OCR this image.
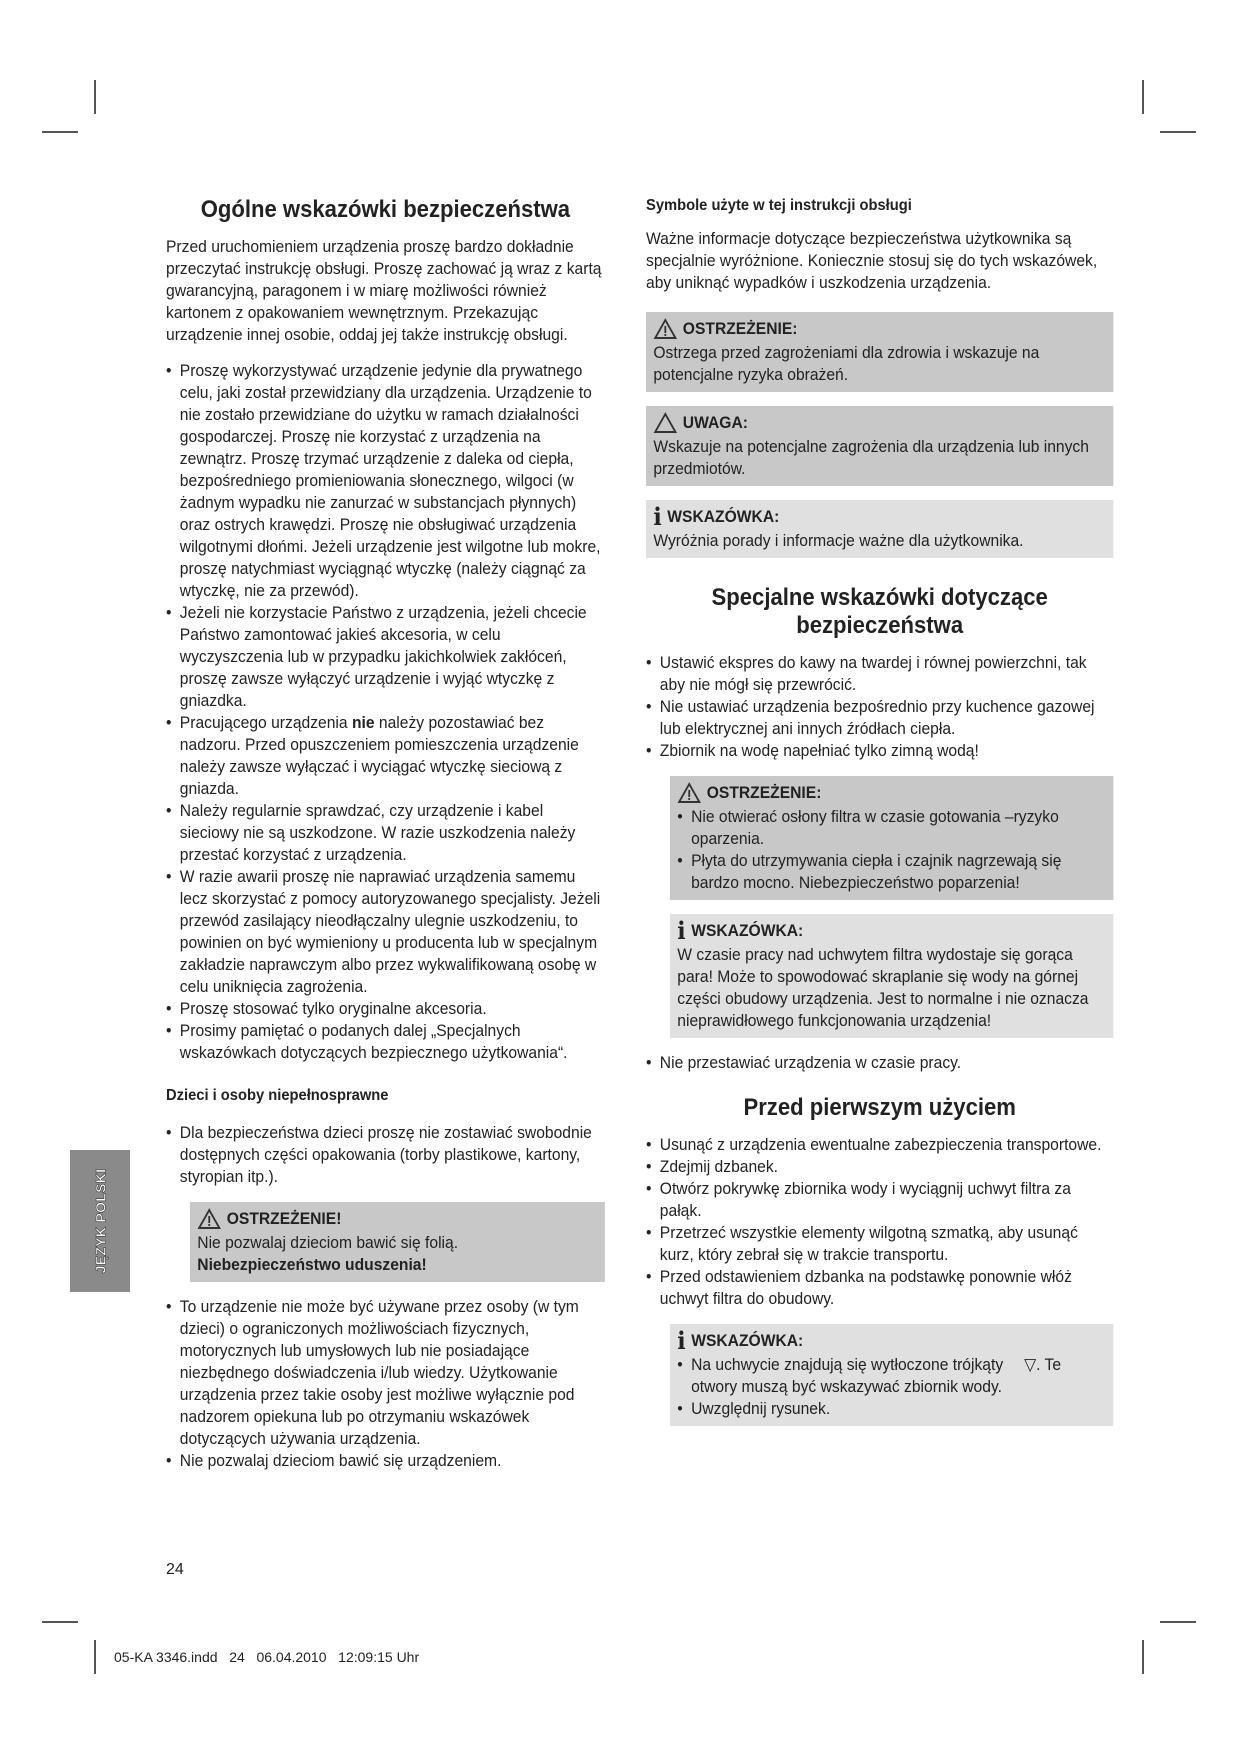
Ogólne wskazówki bezpieczeństwa

Przed uruchomieniem urządzenia proszę bardzo dokładnie przeczytać instrukcję obsługi. Proszę zachować ją wraz z kartą gwarancyjną, paragonem i w miarę możliwości również kartonem z opakowaniem wewnętrznym. Przekazując urządzenie innej osobie, oddaj jej także instrukcję obsługi.

• Proszę wykorzystywać urządzenie jedynie dla prywatnego celu, jaki został przewidziany dla urządzenia. Urządzenie to nie zostało przewidziane do użytku w ramach działalności gospodarczej. Proszę nie korzystać z urządzenia na zewnątrz. Proszę trzymać urządzenie z daleka od ciepła, bezpośredniego promieniowania słonecznego, wilgoci (w żadnym wypadku nie zanurzać w substancjach płynnych) oraz ostrych krawędzi. Proszę nie obsługiwać urządzenia wilgotnymi dłońmi. Jeżeli urządzenie jest wilgotne lub mokre, proszę natychmiast wyciągnąć wtyczkę (należy ciągnąć za wtyczkę, nie za przewód).
• Jeżeli nie korzystacie Państwo z urządzenia, jeżeli chcecie Państwo zamontować jakieś akcesoria, w celu wyczyszczenia lub w przypadku jakichkolwiek zakłóceń, proszę zawsze wyłączyć urządzenie i wyjąć wtyczkę z gniazdka.
• Pracującego urządzenia nie należy pozostawiać bez nadzoru. Przed opuszczeniem pomieszczenia urządzenie należy zawsze wyłączać i wyciągać wtyczkę sieciową z gniazda.
• Należy regularnie sprawdzać, czy urządzenie i kabel sieciowy nie są uszkodzone. W razie uszkodzenia należy przestać korzystać z urządzenia.
• W razie awarii proszę nie naprawiać urządzenia samemu lecz skorzystać z pomocy autoryzowanego specjalisty. Jeżeli przewód zasilający nieodłączalny ulegnie uszkodzeniu, to powinien on być wymieniony u producenta lub w specjalnym zakładzie naprawczym albo przez wykwalifikowaną osobę w celu uniknięcia zagrożenia.
• Proszę stosować tylko oryginalne akcesoria.
• Prosimy pamiętać o podanych dalej „Specjalnych wskazówkach dotyczących bezpiecznego użytkowania“.
Dzieci i osoby niepełnosprawne
• Dla bezpieczeństwa dzieci proszę nie zostawiać swobodnie dostępnych części opakowania (torby plastikowe, kartony, styropian itp.).
OSTRZEŻENIE!
Nie pozwalaj dzieciom bawić się folią.
Niebezpieczeństwo uduszenia!
• To urządzenie nie może być używane przez osoby (w tym dzieci) o ograniczonych możliwościach fizycznych, motorycznych lub umysłowych lub nie posiadające niezbędnego doświadczenia i/lub wiedzy. Użytkowanie urządzenia przez takie osoby jest możliwe wyłącznie pod nadzorem opiekuna lub po otrzymaniu wskazówek dotyczących używania urządzenia.
• Nie pozwalaj dzieciom bawić się urządzeniem.
Symbole użyte w tej instrukcji obsługi

Ważne informacje dotyczące bezpieczeństwa użytkownika są specjalnie wyróżnione. Koniecznie stosuj się do tych wskazówek, aby uniknąć wypadków i uszkodzenia urządzenia.

OSTRZEŻENIE:
Ostrzega przed zagrożeniami dla zdrowia i wskazuje na potencjalne ryzyka obrażeń.
UWAGA:
Wskazuje na potencjalne zagrożenia dla urządzenia lub innych przedmiotów.
i WSKAZÓWKA:
Wyróżnia porady i informacje ważne dla użytkownika.
Specjalne wskazówki dotyczące bezpieczeństwa
• Ustawić ekspres do kawy na twardej i równej powierzchni, tak aby nie mógł się przewrócić.
• Nie ustawiać urządzenia bezpośrednio przy kuchence gazowej lub elektrycznej ani innych źródłach ciepła.
• Zbiornik na wodę napełniać tylko zimną wodą!
OSTRZEŻENIE:
• Nie otwierać osłony filtra w czasie gotowania –ryzyko oparzenia.
• Płyta do utrzymywania ciepła i czajnik nagrzewają się bardzo mocno. Niebezpieczeństwo poparzenia!
i WSKAZÓWKA:
W czasie pracy nad uchwytem filtra wydostaje się gorąca para! Może to spowodować skraplanie się wody na górnej części obudowy urządzenia. Jest to normalne i nie oznacza nieprawidłowego funkcjonowania urządzenia!
• Nie przestawiać urządzenia w czasie pracy.
Przed pierwszym użyciem
• Usunąć z urządzenia ewentualne zabezpieczenia transportowe.
• Zdejmij dzbanek.
• Otwórz pokrywkę zbiornika wody i wyciągnij uchwyt filtra za pałąk.
• Przetrzeć wszystkie elementy wilgotną szmatką, aby usunąć kurz, który zebrał się w trakcie transportu.
• Przed odstawieniem dzbanka na podstawkę ponownie włóż uchwyt filtra do obudowy.
i WSKAZÓWKA:
• Na uchwycie znajdują się wytłoczone trójkąty ▽. Te otwory muszą być wskazywać zbiornik wody.
• Uwzględnij rysunek.
JĘZYK POLSKI
24
05-KA 3346.indd   24   06.04.2010   12:09:15 Uhr
